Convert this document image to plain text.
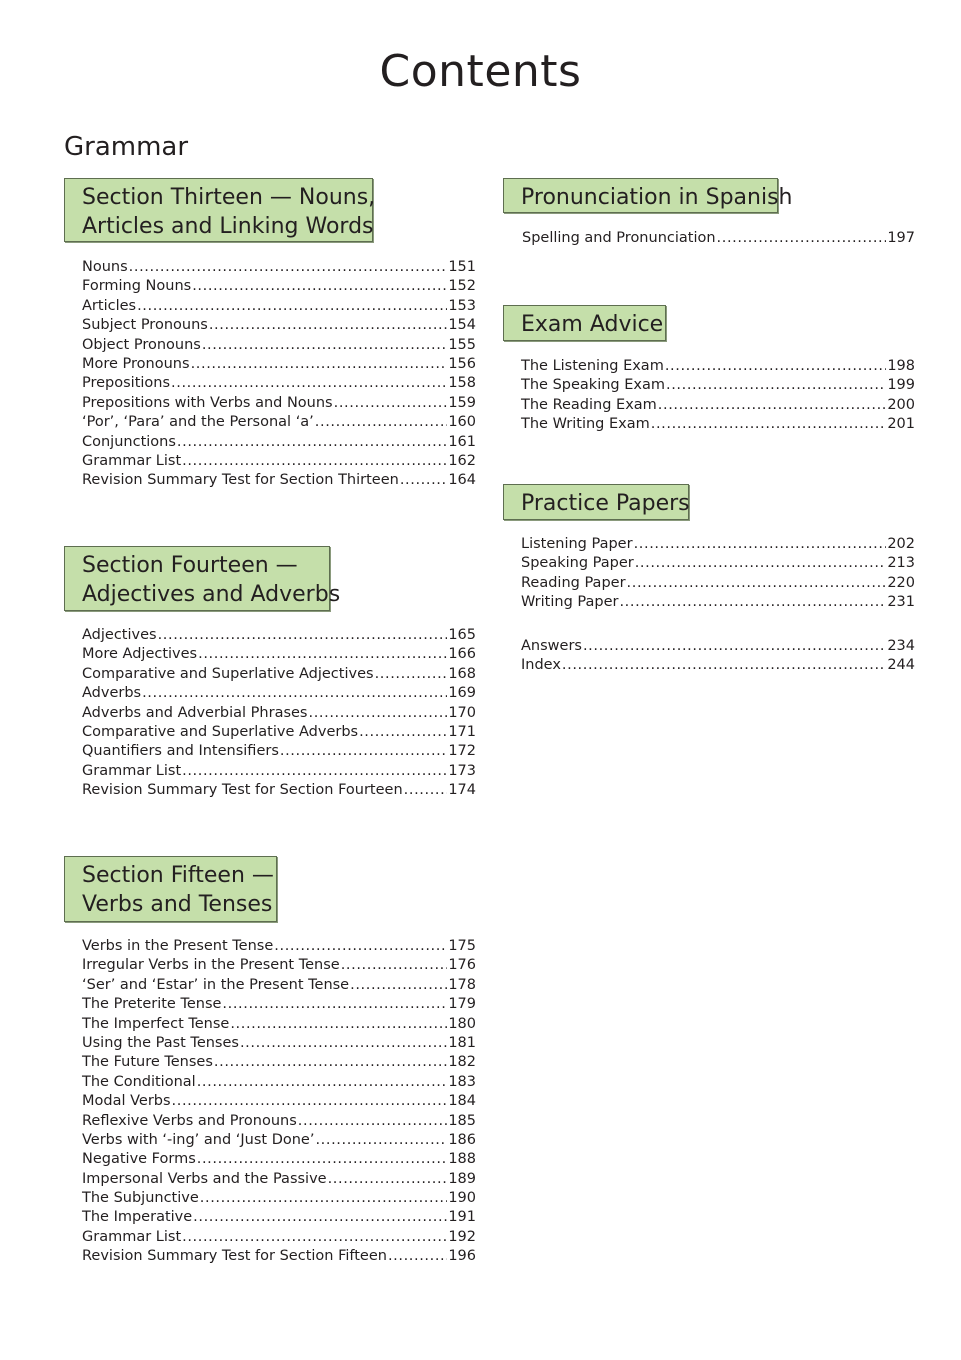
Contents
Grammar
Section Thirteen — Nouns,
Articles and Linking Words
Nouns .....	151
Forming Nouns .....	152
Articles .....	153
Subject Pronouns .....	154
Object Pronouns .....	155
More Pronouns .....	156
Prepositions .....	158
Prepositions with Verbs and Nouns .....	159
‘Por’, ‘Para’ and the Personal ‘a’ .....	160
Conjunctions .....	161
Grammar List .....	162
Revision Summary Test for Section Thirteen .....	164
Section Fourteen —
Adjectives and Adverbs
Adjectives .....	165
More Adjectives .....	166
Comparative and Superlative Adjectives .....	168
Adverbs .....	169
Adverbs and Adverbial Phrases .....	170
Comparative and Superlative Adverbs .....	171
Quantifiers and Intensifiers .....	172
Grammar List .....	173
Revision Summary Test for Section Fourteen .....	174
Section Fifteen —
Verbs and Tenses
Verbs in the Present Tense .....	175
Irregular Verbs in the Present Tense .....	176
‘Ser’ and ‘Estar’ in the Present Tense .....	178
The Preterite Tense .....	179
The Imperfect Tense .....	180
Using the Past Tenses .....	181
The Future Tenses .....	182
The Conditional .....	183
Modal Verbs .....	184
Reflexive Verbs and Pronouns .....	185
Verbs with ‘-ing’ and ‘Just Done’ .....	186
Negative Forms .....	188
Impersonal Verbs and the Passive .....	189
The Subjunctive .....	190
The Imperative .....	191
Grammar List .....	192
Revision Summary Test for Section Fifteen .....	196
Pronunciation in Spanish
Spelling and Pronunciation .....	197
Exam Advice
The Listening Exam .....	198
The Speaking Exam .....	199
The Reading Exam .....	200
The Writing Exam .....	201
Practice Papers
Listening Paper .....	202
Speaking Paper .....	213
Reading Paper .....	220
Writing Paper .....	231
Answers .....	234
Index .....	244
